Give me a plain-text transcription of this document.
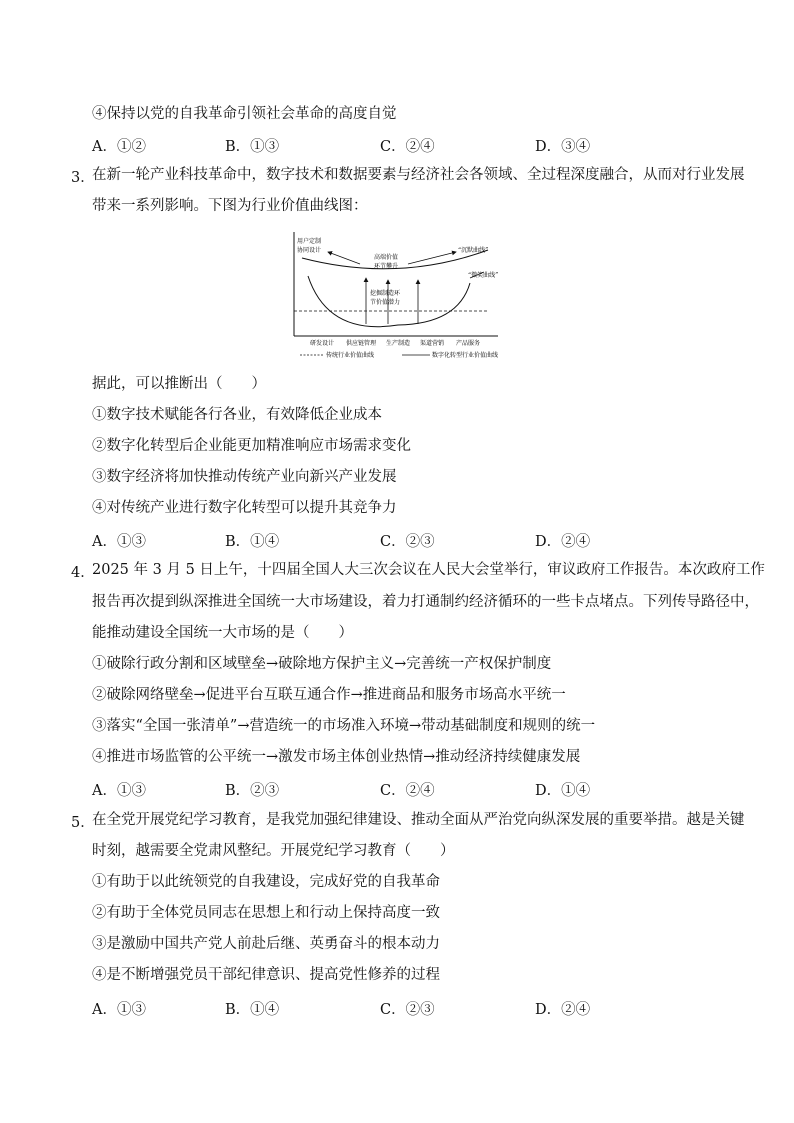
④保持以党的自我革命引领社会革命的高度自觉
A．①②	B．①③	C．②④	D．③④
3．
在新一轮产业科技革命中，数字技术和数据要素与经济社会各领域、全过程深度融合，从而对行业发展
带来一系列影响。下图为行业价值曲线图：
用户定制
协同设计
高端价值
环节攀升
“沉默曲线”
“微笑曲线”
挖掘制造环
节价值潜力
研发设计 供应链管理 生产制造 渠道营销 产品服务
传统行业价值曲线	数字化转型行业价值曲线
据此，可以推断出（　　）
①数字技术赋能各行各业，有效降低企业成本
②数字化转型后企业能更加精准响应市场需求变化
③数字经济将加快推动传统产业向新兴产业发展
④对传统产业进行数字化转型可以提升其竞争力
A．①③	B．①④	C．②③	D．②④
4．
2025 年 3 月 5 日上午，十四届全国人大三次会议在人民大会堂举行，审议政府工作报告。本次政府工作
报告再次提到纵深推进全国统一大市场建设，着力打通制约经济循环的一些卡点堵点。下列传导路径中，
能推动建设全国统一大市场的是（　　）
①破除行政分割和区域壁垒→破除地方保护主义→完善统一产权保护制度
②破除网络壁垒→促进平台互联互通合作→推进商品和服务市场高水平统一
③落实“全国一张清单”→营造统一的市场准入环境→带动基础制度和规则的统一
④推进市场监管的公平统一→激发市场主体创业热情→推动经济持续健康发展
A．①③	B．②③	C．②④	D．①④
5．
在全党开展党纪学习教育，是我党加强纪律建设、推动全面从严治党向纵深发展的重要举措。越是关键
时刻，越需要全党肃风整纪。开展党纪学习教育（　　）
①有助于以此统领党的自我建设，完成好党的自我革命
②有助于全体党员同志在思想上和行动上保持高度一致
③是激励中国共产党人前赴后继、英勇奋斗的根本动力
④是不断增强党员干部纪律意识、提高党性修养的过程
A．①③	B．①④	C．②③	D．②④
